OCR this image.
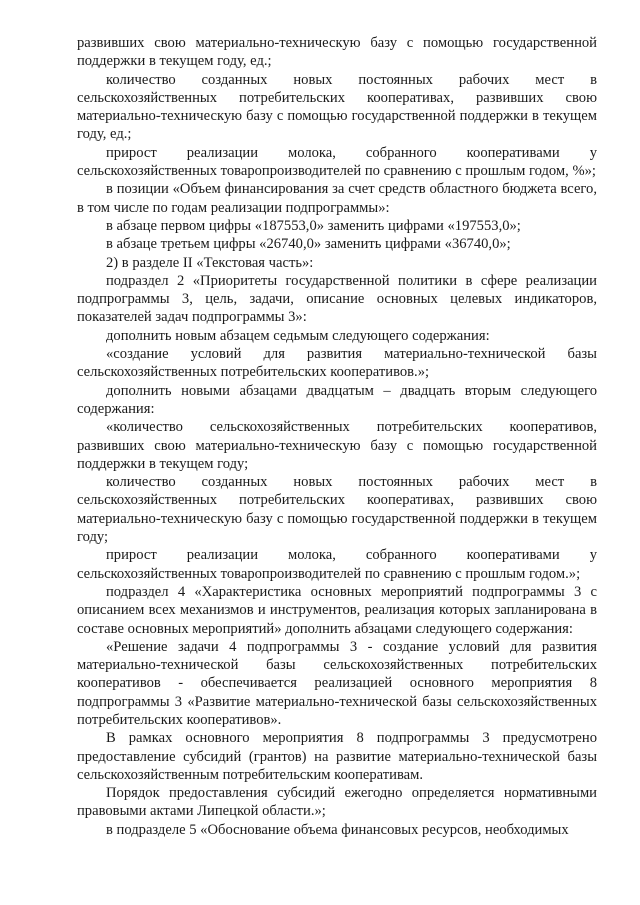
развивших свою материально-техническую базу с помощью государственной поддержки в текущем году, ед.;

количество созданных новых постоянных рабочих мест в сельскохозяйственных потребительских кооперативах, развивших свою материально-техническую базу с помощью государственной поддержки в текущем году, ед.;

прирост реализации молока, собранного кооперативами у сельскохозяйственных товаропроизводителей по сравнению с прошлым годом, %»;

в позиции «Объем финансирования за счет средств областного бюджета всего, в том числе по годам реализации подпрограммы»:

в абзаце первом цифры «187553,0» заменить цифрами «197553,0»;

в абзаце третьем цифры «26740,0» заменить цифрами «36740,0»;

2) в разделе II «Текстовая часть»:

подраздел 2 «Приоритеты государственной политики в сфере реализации подпрограммы 3, цель, задачи, описание основных целевых индикаторов, показателей задач подпрограммы 3»:

дополнить новым абзацем седьмым следующего содержания:

«создание условий для развития материально-технической базы сельскохозяйственных потребительских кооперативов.»;

дополнить новыми абзацами двадцатым – двадцать вторым следующего содержания:

«количество сельскохозяйственных потребительских кооперативов, развивших свою материально-техническую базу с помощью государственной поддержки в текущем году;

количество созданных новых постоянных рабочих мест в сельскохозяйственных потребительских кооперативах, развивших свою материально-техническую базу с помощью государственной поддержки в текущем году;

прирост реализации молока, собранного кооперативами у сельскохозяйственных товаропроизводителей по сравнению с прошлым годом.»;

подраздел 4 «Характеристика основных мероприятий подпрограммы 3 с описанием всех механизмов и инструментов, реализация которых запланирована в составе основных мероприятий» дополнить абзацами следующего содержания:

«Решение задачи 4 подпрограммы 3 - создание условий для развития материально-технической базы сельскохозяйственных потребительских кооперативов - обеспечивается реализацией основного мероприятия 8 подпрограммы 3 «Развитие материально-технической базы сельскохозяйственных потребительских кооперативов».

В рамках основного мероприятия 8 подпрограммы 3 предусмотрено предоставление субсидий (грантов) на развитие материально-технической базы сельскохозяйственным потребительским кооперативам.

Порядок предоставления субсидий ежегодно определяется нормативными правовыми актами Липецкой области.»;

в подразделе 5 «Обоснование объема финансовых ресурсов, необходимых
